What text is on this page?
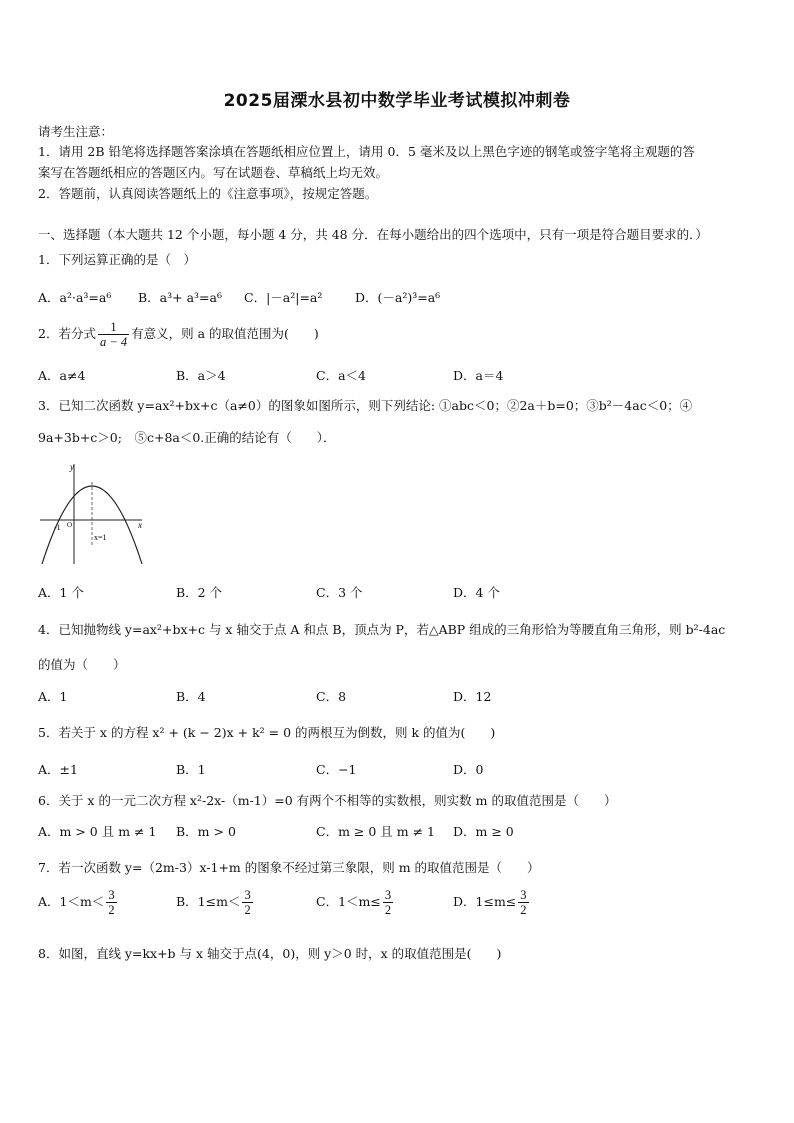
2025届溧水县初中数学毕业考试模拟冲刺卷
请考生注意：
1．请用 2B 铅笔将选择题答案涂填在答题纸相应位置上，请用 0．5 毫米及以上黑色字迹的钢笔或签字笔将主观题的答
案写在答题纸相应的答题区内。写在试题卷、草稿纸上均无效。
2．答题前，认真阅读答题纸上的《注意事项》，按规定答题。
一、选择题（本大题共 12 个小题，每小题 4 分，共 48 分．在每小题给出的四个选项中，只有一项是符合题目要求的．）
1．下列运算正确的是（　）
A．a²·a³=a⁶ B．a³+ a³=a⁶ C．|－a²|=a²	D．(－a²)³=a⁶
2．若分式 $\frac{1}{a - 4}$ 有意义，则 a 的取值范围为(　　)
A．a≠4	B．a＞4	C．a＜4	D．a＝4
3．已知二次函数 y=ax²+bx+c（a≠0）的图象如图所示，则下列结论: ①abc＜0；②2a＋b=0；③b²－4ac＜0；④
9a+3b+c＞0;　⑤c+8a＜0.正确的结论有（　　）．
y
x
-1 O
x=1
A．1 个	B．2 个	C．3 个	D．4 个
4．已知抛物线 y=ax²+bx+c 与 x 轴交于点 A 和点 B，顶点为 P，若△ABP 组成的三角形恰为等腰直角三角形，则 b²-4ac
的值为（　　）
A．1	B．4	C．8	D．12
5．若关于 x 的方程 x² + (k − 2)x + k² = 0 的两根互为倒数，则 k 的值为(　　)
A．±1	B．1	C．−1	D．0
6．关于 x 的一元二次方程 x²-2x-（m-1）=0 有两个不相等的实数根，则实数 m 的取值范围是（　　）
A．m > 0 且 m ≠ 1 B．m > 0	C．m ≥ 0 且 m ≠ 1 D．m ≥ 0
7．若一次函数 y=（2m-3）x-1+m 的图象不经过第三象限，则 m 的取值范围是（　　）
A．$1<m< \frac{3}{2}$	B．$1\le m< \frac{3}{2}$	C．$1<m\le \frac{3}{2}$	D．$1\le m\le \frac{3}{2}$
8．如图，直线 y=kx+b 与 x 轴交于点(4，0)，则 y＞0 时，x 的取值范围是(　　)
